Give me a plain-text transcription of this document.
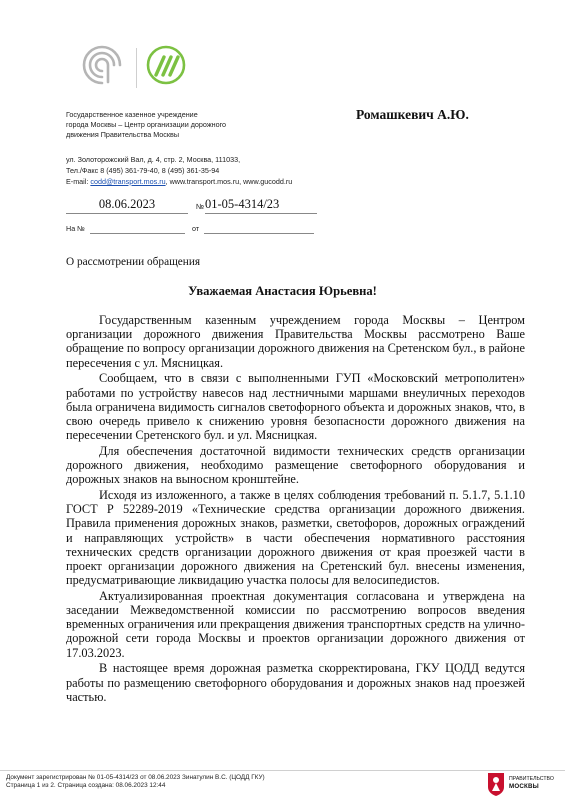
Государственное казенное учреждение
города Москвы – Центр организации дорожного
движения Правительства Москвы
ул. Золоторожский Вал, д. 4, стр. 2, Москва, 111033,
Тел./Факс 8 (495) 361-79-40, 8 (495) 361-35-94
E-mail: codd@transport.mos.ru, www.transport.mos.ru, www.gucodd.ru
Ромашкевич А.Ю.
08.06.2023	№ 01-05-4314/23
На №	от
О рассмотрении обращения
Уважаемая Анастасия Юрьевна!

Государственным казенным учреждением города Москвы – Центром организации дорожного движения Правительства Москвы рассмотрено Ваше обращение по вопросу организации дорожного движения на Сретенском бул., в районе пересечения с ул. Мясницкая.

Сообщаем, что в связи с выполненными ГУП «Московский метрополитен» работами по устройству навесов над лестничными маршами внеуличных переходов была ограничена видимость сигналов светофорного объекта и дорожных знаков, что, в свою очередь привело к снижению уровня безопасности дорожного движения на пересечении Сретенского бул. и ул. Мясницкая.

Для обеспечения достаточной видимости технических средств организации дорожного движения, необходимо размещение светофорного оборудования и дорожных знаков на выносном кронштейне.

Исходя из изложенного, а также в целях соблюдения требований п. 5.1.7, 5.1.10 ГОСТ Р 52289-2019 «Технические средства организации дорожного движения. Правила применения дорожных знаков, разметки, светофоров, дорожных ограждений и направляющих устройств» в части обеспечения нормативного расстояния технических средств организации дорожного движения от края проезжей части в проект организации дорожного движения на Сретенский бул. внесены изменения, предусматривающие ликвидацию участка полосы для велосипедистов.

Актуализированная проектная документация согласована и утверждена на заседании Межведомственной комиссии по рассмотрению вопросов введения временных ограничения или прекращения движения транспортных средств на улично-дорожной сети города Москвы и проектов организации дорожного движения от 17.03.2023.

В настоящее время дорожная разметка скорректирована, ГКУ ЦОДД ведутся работы по размещению светофорного оборудования и дорожных знаков над проезжей частью.

Документ зарегистрирован № 01-05-4314/23 от 08.06.2023 Зинатулин В.С. (ЦОДД ГКУ)
Страница 1 из 2. Страница создана: 08.06.2023 12:44
ПРАВИТЕЛЬСТВО
МОСКВЫ
